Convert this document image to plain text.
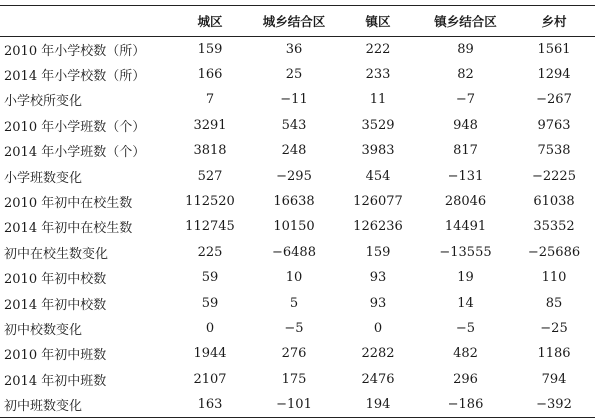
	城区	城乡结合区	镇区	镇乡结合区	乡村
2010 年小学校数（所）	159	36	222	89	1561
2014 年小学校数（所）	166	25	233	82	1294
小学校所变化	7	−11	11	−7	−267
2010 年小学班数（个）	3291	543	3529	948	9763
2014 年小学班数（个）	3818	248	3983	817	7538
小学班数变化	527	−295	454	−131	−2225
2010 年初中在校生数	112520	16638	126077	28046	61038
2014 年初中在校生数	112745	10150	126236	14491	35352
初中在校生数变化	225	−6488	159	−13555	−25686
2010 年初中校数	59	10	93	19	110
2014 年初中校数	59	5	93	14	85
初中校数变化	0	−5	0	−5	−25
2010 年初中班数	1944	276	2282	482	1186
2014 年初中班数	2107	175	2476	296	794
初中班数变化	163	−101	194	−186	−392
